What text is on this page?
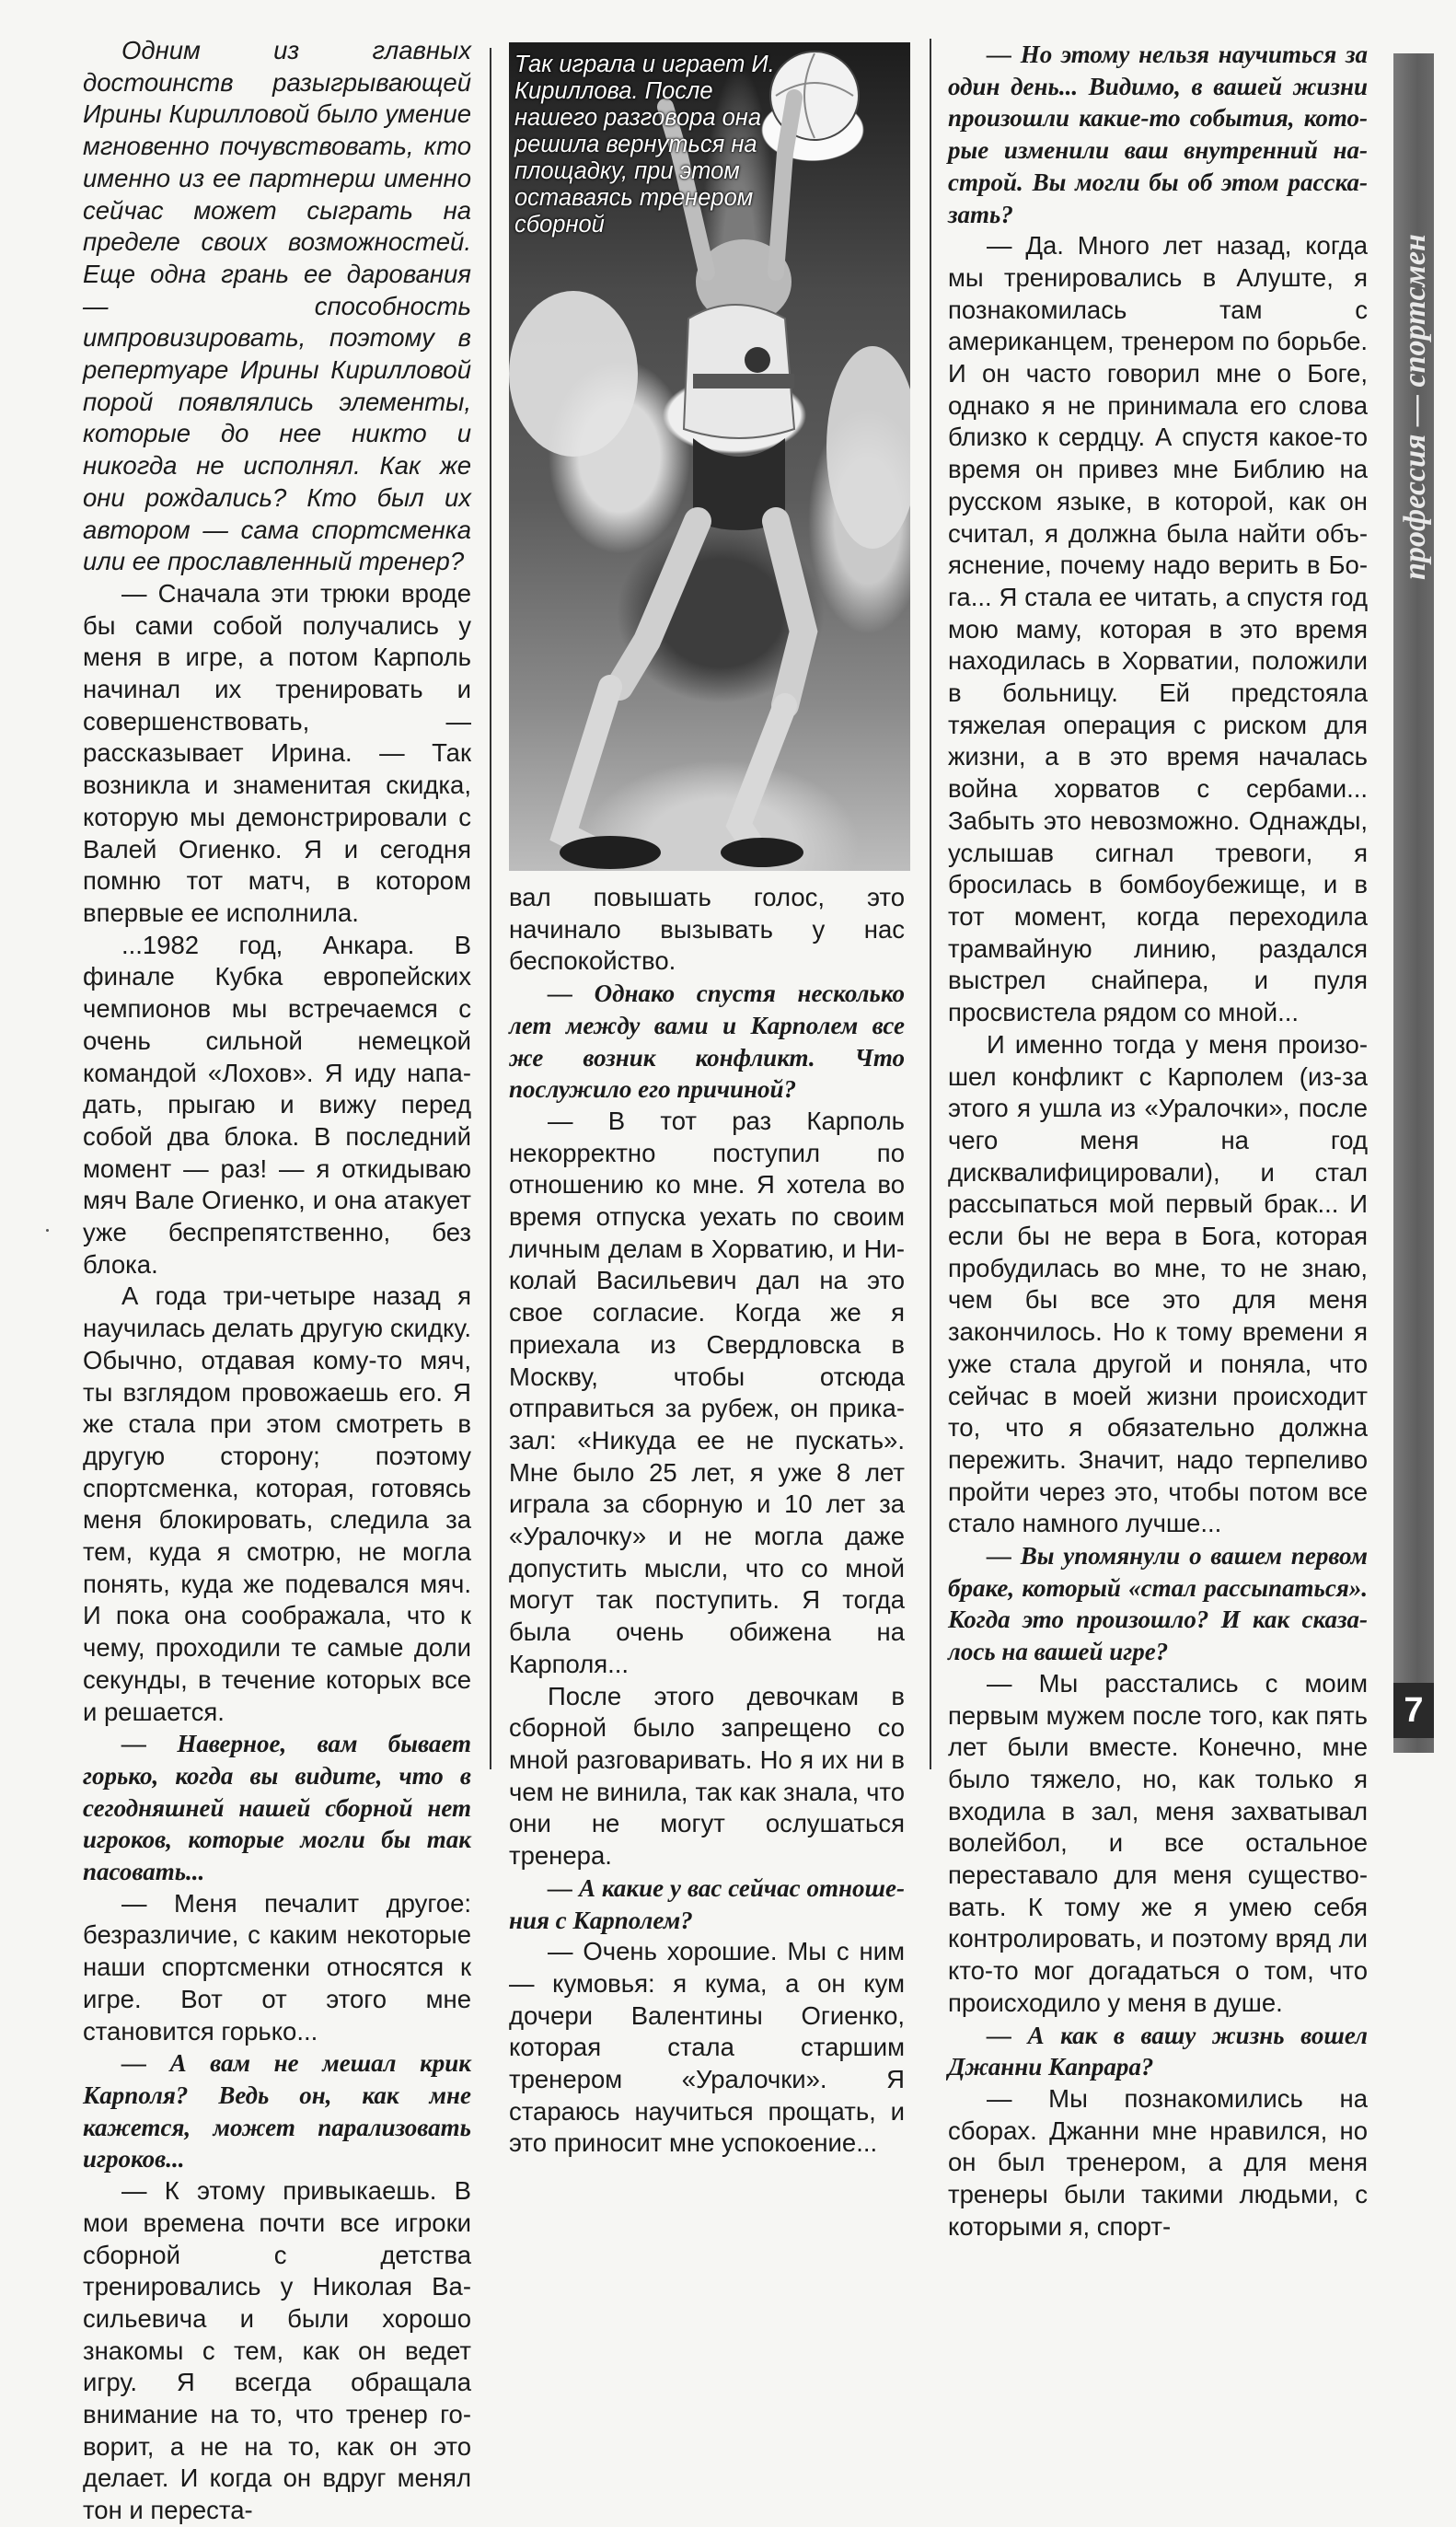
профессия — спортсмен
7
Так играла и играет И. Кириллова. После нашего разговора она решила вернуться на площадку, при этом оставаясь тренером сборной

Одним из главных достоинств разыгрывающей Ирины Кирилловой было умение мгновенно почувствовать, кто именно из ее партнерш именно сейчас может сыграть на пределе своих возможностей. Еще одна грань ее дарования — способность импровизировать, поэтому в репертуаре Ирины Кирилловой порой появлялись элементы, которые до нее никто и никогда не исполнял. Как же они рождались? Кто был их автором — сама спортсменка или ее прославленный тренер?

— Сначала эти трюки вроде бы сами собой получались у меня в игре, а потом Карполь начинал их тренировать и совершенствовать, — рассказывает Ирина. — Так возникла и знаменитая скидка, которую мы демонстрировали с Валей Огиенко. Я и сегодня помню тот матч, в котором впервые ее исполнила.

...1982 год, Анкара. В финале Кубка европейских чемпионов мы встречаемся с очень сильной немецкой командой «Лохов». Я иду нападать, прыгаю и вижу перед собой два блока. В последний момент — раз! — я откидываю мяч Вале Огиенко, и она атакует уже беспрепятственно, без блока.

А года три-четыре назад я научилась делать другую скидку. Обычно, отдавая кому-то мяч, ты взглядом провожаешь его. Я же стала при этом смотреть в другую сторону; поэтому спортсменка, которая, готовясь меня блокировать, следила за тем, куда я смотрю, не могла понять, куда же подевался мяч. И пока она соображала, что к чему, проходили те самые доли секунды, в течение которых все и решается.

— Наверное, вам бывает горько, когда вы видите, что в сегодняшней нашей сборной нет игроков, которые могли бы так пасовать...

— Меня печалит другое: безразличие, с каким некоторые наши спортсменки относятся к игре. Вот от этого мне становится горько...

— А вам не мешал крик Карполя? Ведь он, как мне кажется, может парализовать игроков...

— К этому привыкаешь. В мои времена почти все игроки сборной с детства тренировались у Николая Васильевича и были хорошо знакомы с тем, как он ведет игру. Я всегда обращала внимание на то, что тренер говорит, а не на то, как он это делает. И когда он вдруг менял тон и переста-

вал повышать голос, это начинало вызывать у нас беспокойство.

— Однако спустя несколько лет между вами и Карполем все же возник конфликт. Что послужило его причиной?

— В тот раз Карполь некорректно поступил по отношению ко мне. Я хотела во время отпуска уехать по своим личным делам в Хорватию, и Николай Васильевич дал на это свое согласие. Когда же я приехала из Свердловска в Москву, чтобы отсюда отправиться за рубеж, он приказал: «Никуда ее не пускать». Мне было 25 лет, я уже 8 лет играла за сборную и 10 лет за «Уралочку» и не могла даже допустить мысли, что со мной могут так поступить. Я тогда была очень обижена на Карполя...

После этого девочкам в сборной было запрещено со мной разговаривать. Но я их ни в чем не винила, так как знала, что они не могут ослушаться тренера.

— А какие у вас сейчас отношения с Карполем?

— Очень хорошие. Мы с ним — кумовья: я кума, а он кум дочери Валентины Огиенко, которая стала старшим тренером «Уралочки». Я стараюсь научиться прощать, и это приносит мне успокоение...

— Но этому нельзя научиться за один день... Видимо, в вашей жизни произошли какие-то события, которые изменили ваш внутренний настрой. Вы могли бы об этом рассказать?

— Да. Много лет назад, когда мы тренировались в Алуште, я познакомилась там с американцем, тренером по борьбе. И он часто говорил мне о Боге, однако я не принимала его слова близко к сердцу. А спустя какое-то время он привез мне Библию на русском языке, в которой, как он считал, я должна была найти объяснение, почему надо верить в Бога... Я стала ее читать, а спустя год мою маму, которая в это время находилась в Хорватии, положили в больницу. Ей предстояла тяжелая операция с риском для жизни, а в это время началась война хорватов с сербами... Забыть это невозможно. Однажды, услышав сигнал тревоги, я бросилась в бомбоубежище, и в тот момент, когда переходила трамвайную линию, раздался выстрел снайпера, и пуля просвистела рядом со мной...

И именно тогда у меня произошел конфликт с Карполем (из-за этого я ушла из «Уралочки», после чего меня на год дисквалифицировали), и стал рассыпаться мой первый брак... И если бы не вера в Бога, которая пробудилась во мне, то не знаю, чем бы все это для меня закончилось. Но к тому времени я уже стала другой и поняла, что сейчас в моей жизни происходит то, что я обязательно должна пережить. Значит, надо терпеливо пройти через это, чтобы потом все стало намного лучше...

— Вы упомянули о вашем первом браке, который «стал рассыпаться». Когда это произошло? И как сказалось на вашей игре?

— Мы расстались с моим первым мужем после того, как пять лет были вместе. Конечно, мне было тяжело, но, как только я входила в зал, меня захватывал волейбол, и все остальное переставало для меня существовать. К тому же я умею себя контролировать, и поэтому вряд ли кто-то мог догадаться о том, что происходило у меня в душе.

— А как в вашу жизнь вошел Джанни Капрара?

— Мы познакомились на сборах. Джанни мне нравился, но он был тренером, а для меня тренеры были такими людьми, с которыми я, спорт-
